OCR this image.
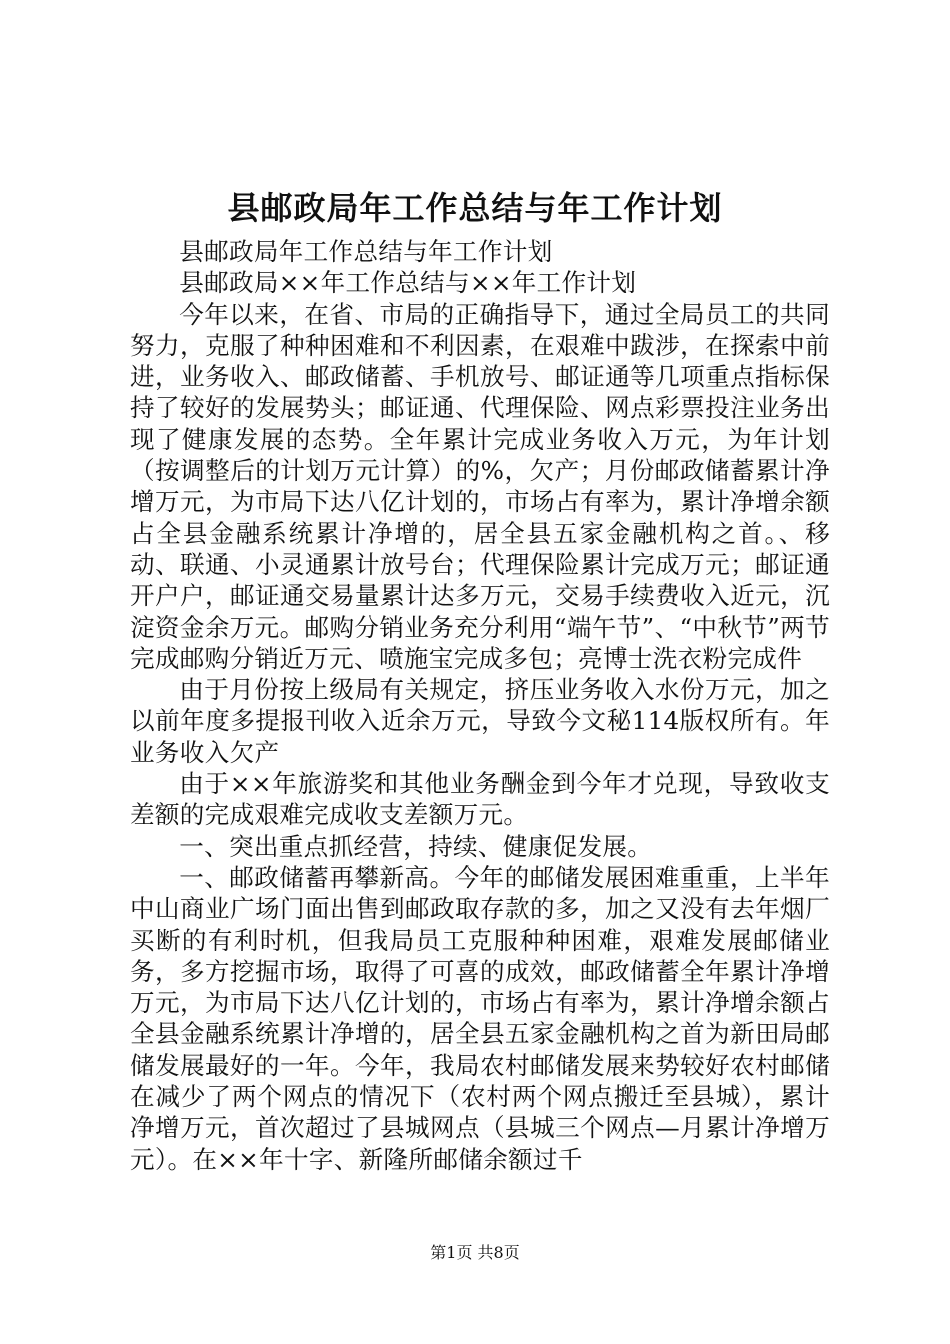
县邮政局年工作总结与年工作计划

县邮政局年工作总结与年工作计划

县邮政局××年工作总结与××年工作计划

今年以来，在省、市局的正确指导下，通过全局员工的共同努力，克服了种种困难和不利因素，在艰难中跋涉，在探索中前进，业务收入、邮政储蓄、手机放号、邮证通等几项重点指标保持了较好的发展势头；邮证通、代理保险、网点彩票投注业务出现了健康发展的态势。全年累计完成业务收入万元，为年计划（按调整后的计划万元计算）的%，欠产；月份邮政储蓄累计净增万元，为市局下达八亿计划的，市场占有率为，累计净增余额占全县金融系统累计净增的，居全县五家金融机构之首。、移动、联通、小灵通累计放号台；代理保险累计完成万元；邮证通开户户，邮证通交易量累计达多万元，交易手续费收入近元，沉淀资金余万元。邮购分销业务充分利用“端午节”、“中秋节”两节完成邮购分销近万元、喷施宝完成多包；亮博士洗衣粉完成件

由于月份按上级局有关规定，挤压业务收入水份万元，加之以前年度多提报刊收入近余万元，导致今文秘114版权所有。年业务收入欠产

由于××年旅游奖和其他业务酬金到今年才兑现，导致收支差额的完成艰难完成收支差额万元。

一、突出重点抓经营，持续、健康促发展。

一、邮政储蓄再攀新高。今年的邮储发展困难重重，上半年中山商业广场门面出售到邮政取存款的多，加之又没有去年烟厂买断的有利时机，但我局员工克服种种困难，艰难发展邮储业务，多方挖掘市场，取得了可喜的成效，邮政储蓄全年累计净增万元，为市局下达八亿计划的，市场占有率为，累计净增余额占全县金融系统累计净增的，居全县五家金融机构之首为新田局邮储发展最好的一年。今年，我局农村邮储发展来势较好农村邮储在减少了两个网点的情况下（农村两个网点搬迁至县城），累计净增万元，首次超过了县城网点（县城三个网点—月累计净增万元）。在××年十字、新隆所邮储余额过千

第1页 共8页
